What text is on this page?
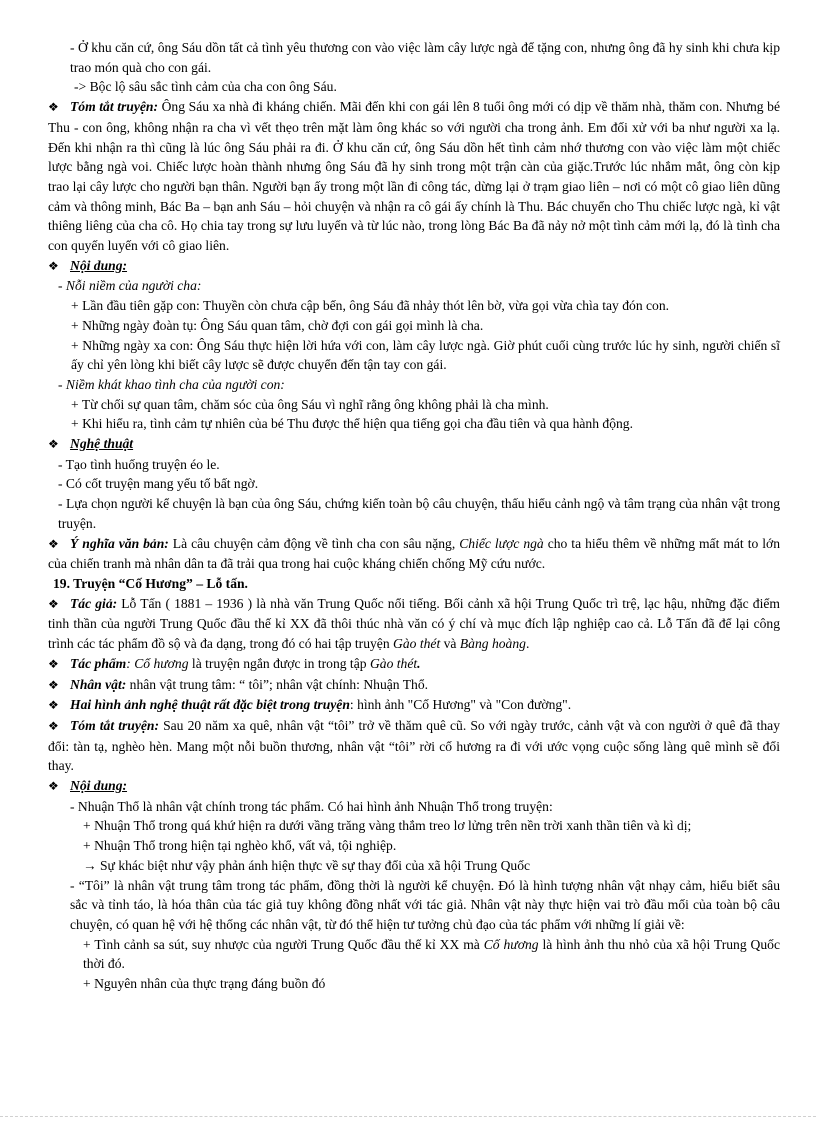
- Ở khu căn cứ, ông Sáu dồn tất cả tình yêu thương con vào việc làm cây lược ngà để tặng con, nhưng ông đã hy sinh khi chưa kịp trao món quà cho con gái.

-> Bộc lộ sâu sắc tình cảm của cha con ông Sáu.

❖ Tóm tắt truyện: Ông Sáu xa nhà đi kháng chiến. Mãi đến khi con gái lên 8 tuổi ông mới có dịp về thăm nhà, thăm con. Nhưng bé Thu - con ông, không nhận ra cha vì vết thẹo trên mặt làm ông khác so với người cha trong ảnh. Em đối xử với ba như người xa lạ. Đến khi nhận ra thì cũng là lúc ông Sáu phải ra đi. Ở khu căn cứ, ông Sáu dồn hết tình cảm nhớ thương con vào việc làm một chiếc lược bằng ngà voi. Chiếc lược hoàn thành nhưng ông Sáu đã hy sinh trong một trận càn của giặc.Trước lúc nhắm mắt, ông còn kịp trao lại cây lược cho người bạn thân. Người bạn ấy trong một lần đi công tác, dừng lại ở trạm giao liên – nơi có một cô giao liên dũng cảm và thông minh, Bác Ba – bạn anh Sáu – hỏi chuyện và nhận ra cô gái ấy chính là Thu. Bác chuyển cho Thu chiếc lược ngà, kỉ vật thiêng liêng của cha cô. Họ chia tay trong sự lưu luyến và từ lúc nào, trong lòng Bác Ba đã nảy nở một tình cảm mới lạ, đó là tình cha con quyến luyến với cô giao liên.

❖ Nội dung:

- Nỗi niềm của người cha:

+ Lần đầu tiên gặp con: Thuyền còn chưa cập bến, ông Sáu đã nhảy thót lên bờ, vừa gọi vừa chìa tay đón con.

+ Những ngày đoàn tụ: Ông Sáu quan tâm, chờ đợi con gái gọi mình là cha.

+ Những ngày xa con: Ông Sáu thực hiện lời hứa với con, làm cây lược ngà. Giờ phút cuối cùng trước lúc hy sinh, người chiến sĩ ấy chỉ yên lòng khi biết cây lược sẽ được chuyển đến tận tay con gái.

- Niềm khát khao tình cha của người con:

+ Từ chối sự quan tâm, chăm sóc của ông Sáu vì nghĩ rằng ông không phải là cha mình.

+ Khi hiểu ra, tình cảm tự nhiên của bé Thu được thể hiện qua tiếng gọi cha đầu tiên và qua hành động.

❖ Nghệ thuật

- Tạo tình huống truyện éo le.

- Có cốt truyện mang yếu tố bất ngờ.

- Lựa chọn người kể chuyện là bạn của ông Sáu, chứng kiến toàn bộ câu chuyện, thấu hiểu cảnh ngộ và tâm trạng của nhân vật trong truyện.

❖ Ý nghĩa văn bản: Là câu chuyện cảm động về tình cha con sâu nặng, Chiếc lược ngà cho ta hiểu thêm về những mất mát to lớn của chiến tranh mà nhân dân ta đã trải qua trong hai cuộc kháng chiến chống Mỹ cứu nước.

19. Truyện “Cố Hương” – Lỗ tấn.

❖ Tác giả: Lỗ Tấn ( 1881 – 1936 ) là nhà văn Trung Quốc nổi tiếng. Bối cảnh xã hội Trung Quốc trì trệ, lạc hậu, những đặc điểm tinh thần của người Trung Quốc đầu thế kỉ XX đã thôi thúc nhà văn có ý chí và mục đích lập nghiệp cao cả. Lỗ Tấn đã để lại công trình các tác phẩm đồ sộ và đa dạng, trong đó có hai tập truyện Gào thét và Bàng hoàng.

❖ Tác phẩm: Cố hương là truyện ngắn được in trong tập Gào thét.

❖ Nhân vật: nhân vật trung tâm: “ tôi”; nhân vật chính: Nhuận Thổ.

❖ Hai hình ảnh nghệ thuật rất đặc biệt trong truyện: hình ảnh "Cố Hương" và "Con đường".

❖ Tóm tắt truyện: Sau 20 năm xa quê, nhân vật “tôi” trở về thăm quê cũ. So với ngày trước, cảnh vật và con người ở quê đã thay đổi: tàn tạ, nghèo hèn. Mang một nỗi buồn thương, nhân vật “tôi” rời cố hương ra đi với ước vọng cuộc sống làng quê mình sẽ đổi thay.

❖ Nội dung:

- Nhuận Thổ là nhân vật chính trong tác phẩm. Có hai hình ảnh Nhuận Thổ trong truyện:

+ Nhuận Thổ trong quá khứ hiện ra dưới vầng trăng vàng thắm treo lơ lửng trên nền trời xanh thần tiên và kì dị;

+ Nhuận Thổ trong hiện tại nghèo khổ, vất vả, tội nghiệp.

→ Sự khác biệt như vậy phản ánh hiện thực về sự thay đổi của xã hội Trung Quốc

- “Tôi” là nhân vật trung tâm trong tác phẩm, đồng thời là người kể chuyện. Đó là hình tượng nhân vật nhạy cảm, hiểu biết sâu sắc và tỉnh táo, là hóa thân của tác giả tuy không đồng nhất với tác giả. Nhân vật này thực hiện vai trò đầu mối của toàn bộ câu chuyện, có quan hệ với hệ thống các nhân vật, từ đó thể hiện tư tưởng chủ đạo của tác phẩm với những lí giải về:

+ Tình cảnh sa sút, suy nhược của người Trung Quốc đầu thế kỉ XX mà Cố hương là hình ảnh thu nhỏ của xã hội Trung Quốc thời đó.

+ Nguyên nhân của thực trạng đáng buồn đó
